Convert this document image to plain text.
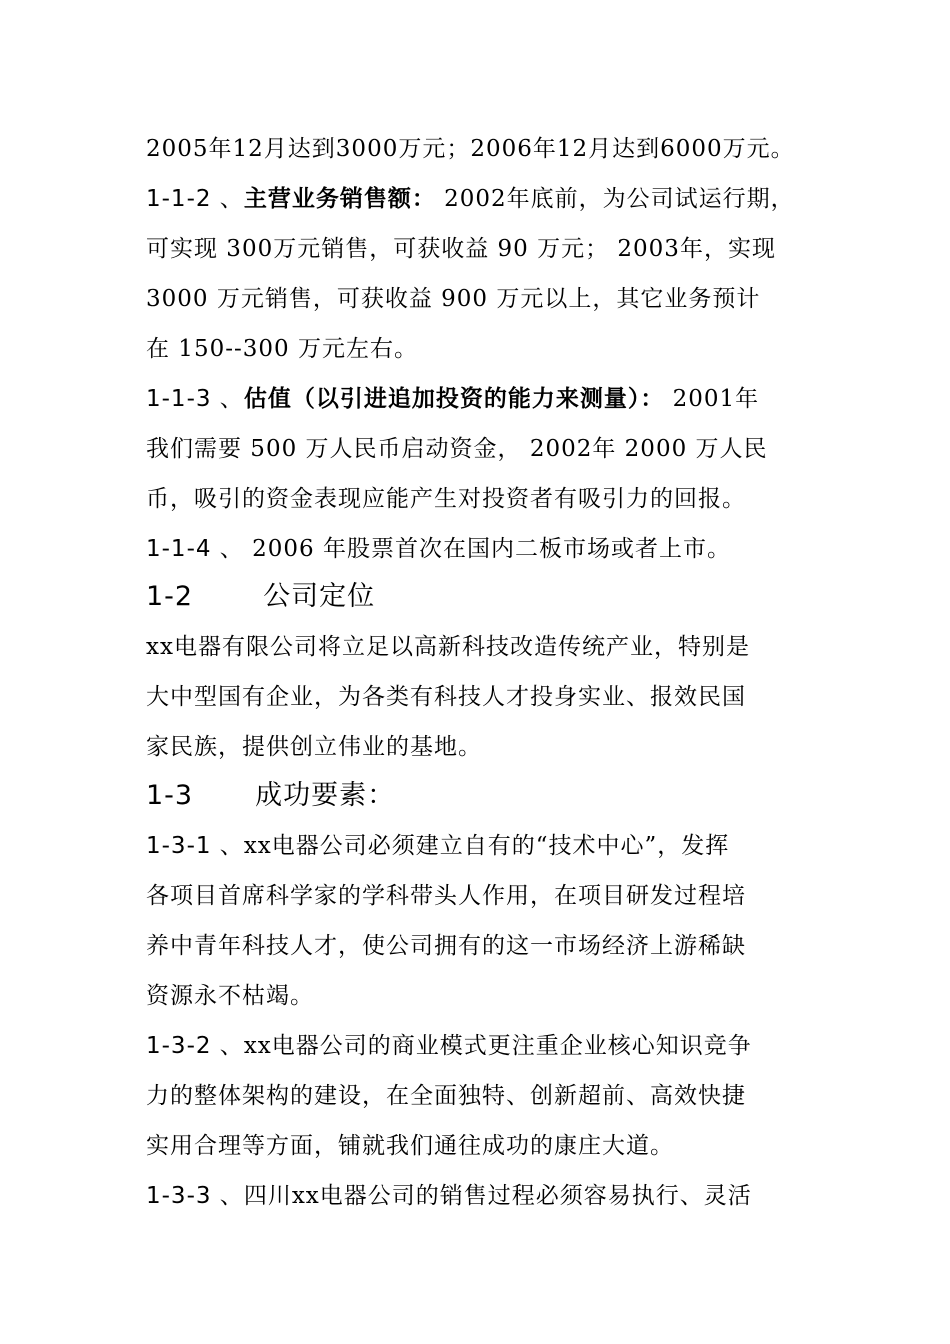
2005年12月达到3000万元；2006年12月达到6000万元。
1-1-2 、主营业务销售额： 2002年底前，为公司试运行期，
可实现 300万元销售，可获收益 90 万元； 2003年，实现
3000 万元销售，可获收益 900 万元以上，其它业务预计
在 150--300 万元左右。
1-1-3 、估值（以引进追加投资的能力来测量）： 2001年
我们需要 500 万人民币启动资金， 2002年 2000 万人民
币，吸引的资金表现应能产生对投资者有吸引力的回报。
1-1-4 、 2006 年股票首次在国内二板市场或者上市。
1-2	公司定位
xx电器有限公司将立足以高新科技改造传统产业，特别是
大中型国有企业，为各类有科技人才投身实业、报效民国
家民族，提供创立伟业的基地。
1-3 成功要素：
1-3-1 、xx电器公司必须建立自有的“技术中心”，发挥
各项目首席科学家的学科带头人作用，在项目研发过程培
养中青年科技人才，使公司拥有的这一市场经济上游稀缺
资源永不枯竭。
1-3-2 、xx电器公司的商业模式更注重企业核心知识竞争
力的整体架构的建设，在全面独特、创新超前、高效快捷
实用合理等方面，铺就我们通往成功的康庄大道。
1-3-3 、四川xx电器公司的销售过程必须容易执行、灵活
